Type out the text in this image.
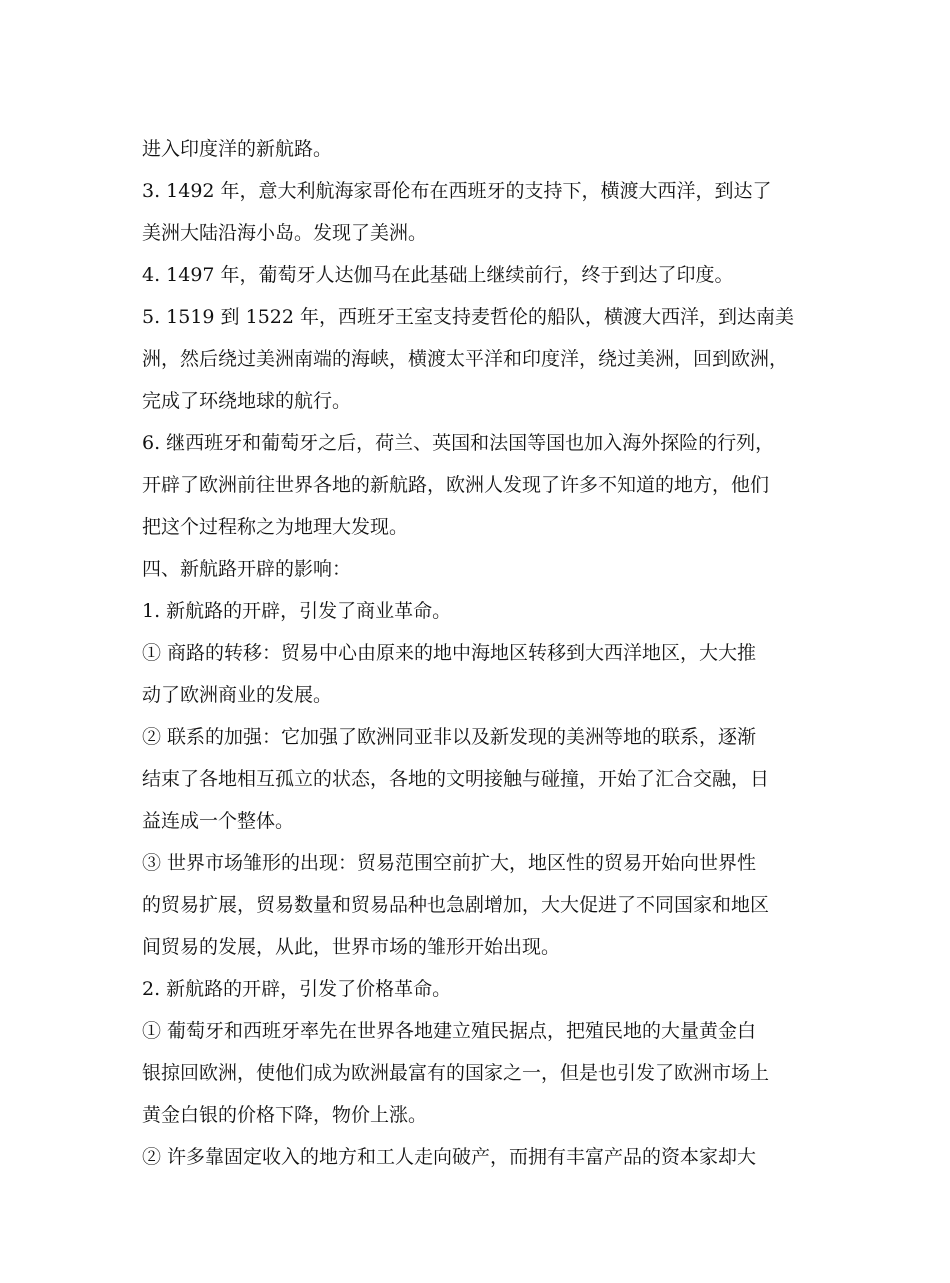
进入印度洋的新航路。
3. 1492 年，意大利航海家哥伦布在西班牙的支持下，横渡大西洋，到达了
美洲大陆沿海小岛。发现了美洲。
4. 1497 年，葡萄牙人达伽马在此基础上继续前行，终于到达了印度。
5. 1519 到 1522 年，西班牙王室支持麦哲伦的船队，横渡大西洋，到达南美
洲，然后绕过美洲南端的海峡，横渡太平洋和印度洋，绕过美洲，回到欧洲，
完成了环绕地球的航行。
6. 继西班牙和葡萄牙之后，荷兰、英国和法国等国也加入海外探险的行列，
开辟了欧洲前往世界各地的新航路，欧洲人发现了许多不知道的地方，他们
把这个过程称之为地理大发现。
四、新航路开辟的影响：
1. 新航路的开辟，引发了商业革命。
① 商路的转移：贸易中心由原来的地中海地区转移到大西洋地区，大大推
动了欧洲商业的发展。
② 联系的加强：它加强了欧洲同亚非以及新发现的美洲等地的联系，逐渐
结束了各地相互孤立的状态，各地的文明接触与碰撞，开始了汇合交融，日
益连成一个整体。
③ 世界市场雏形的出现：贸易范围空前扩大，地区性的贸易开始向世界性
的贸易扩展，贸易数量和贸易品种也急剧增加，大大促进了不同国家和地区
间贸易的发展，从此，世界市场的雏形开始出现。
2. 新航路的开辟，引发了价格革命。
① 葡萄牙和西班牙率先在世界各地建立殖民据点，把殖民地的大量黄金白
银掠回欧洲，使他们成为欧洲最富有的国家之一，但是也引发了欧洲市场上
黄金白银的价格下降，物价上涨。
② 许多靠固定收入的地方和工人走向破产，而拥有丰富产品的资本家却大
